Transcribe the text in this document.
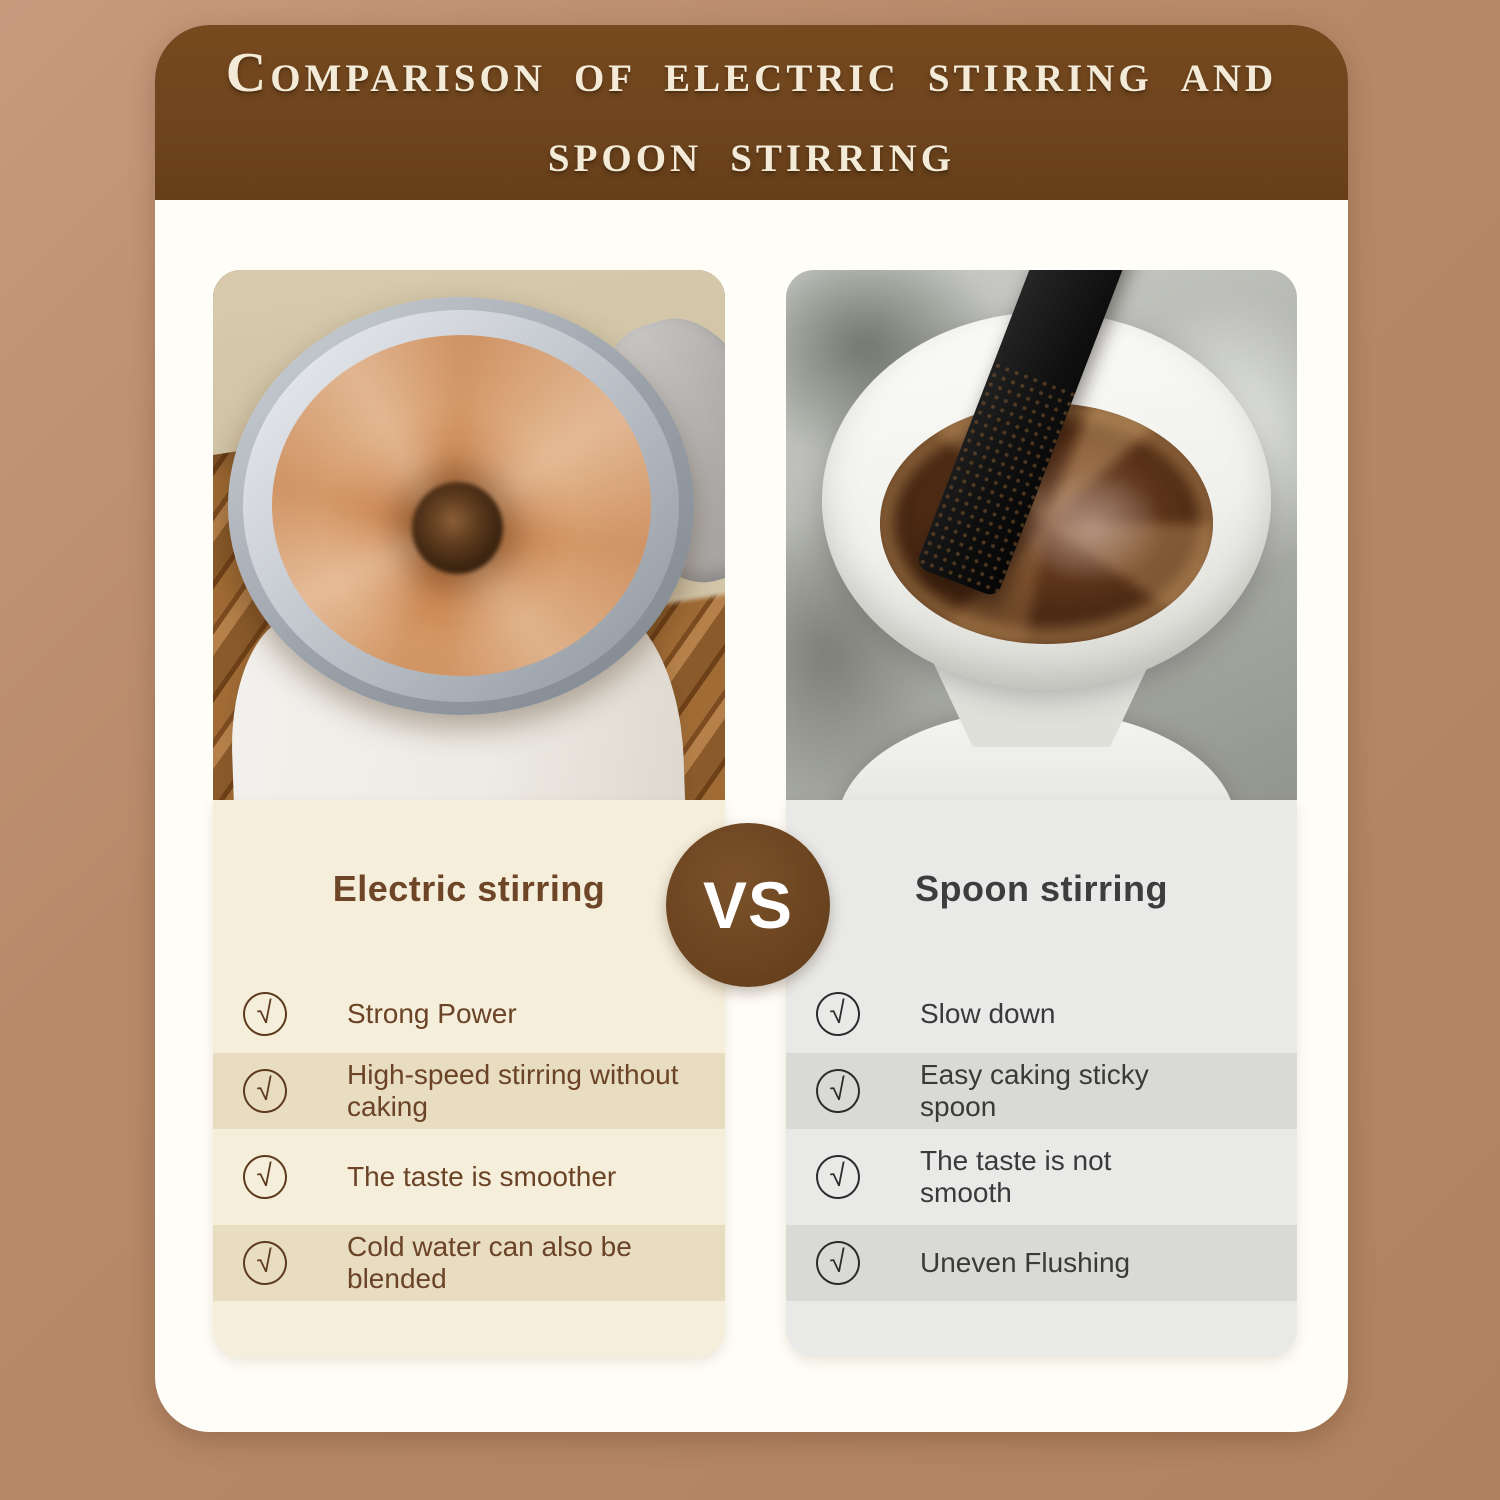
Comparison of electric stirring and
spoon stirring
Electric stirring
√	Strong Power
√	High-speed stirring without caking
√	The taste is smoother
√	Cold water can also be blended
Spoon stirring
√	Slow down
√	Easy caking sticky spoon
√	The taste is not smooth
√	Uneven Flushing
VS
